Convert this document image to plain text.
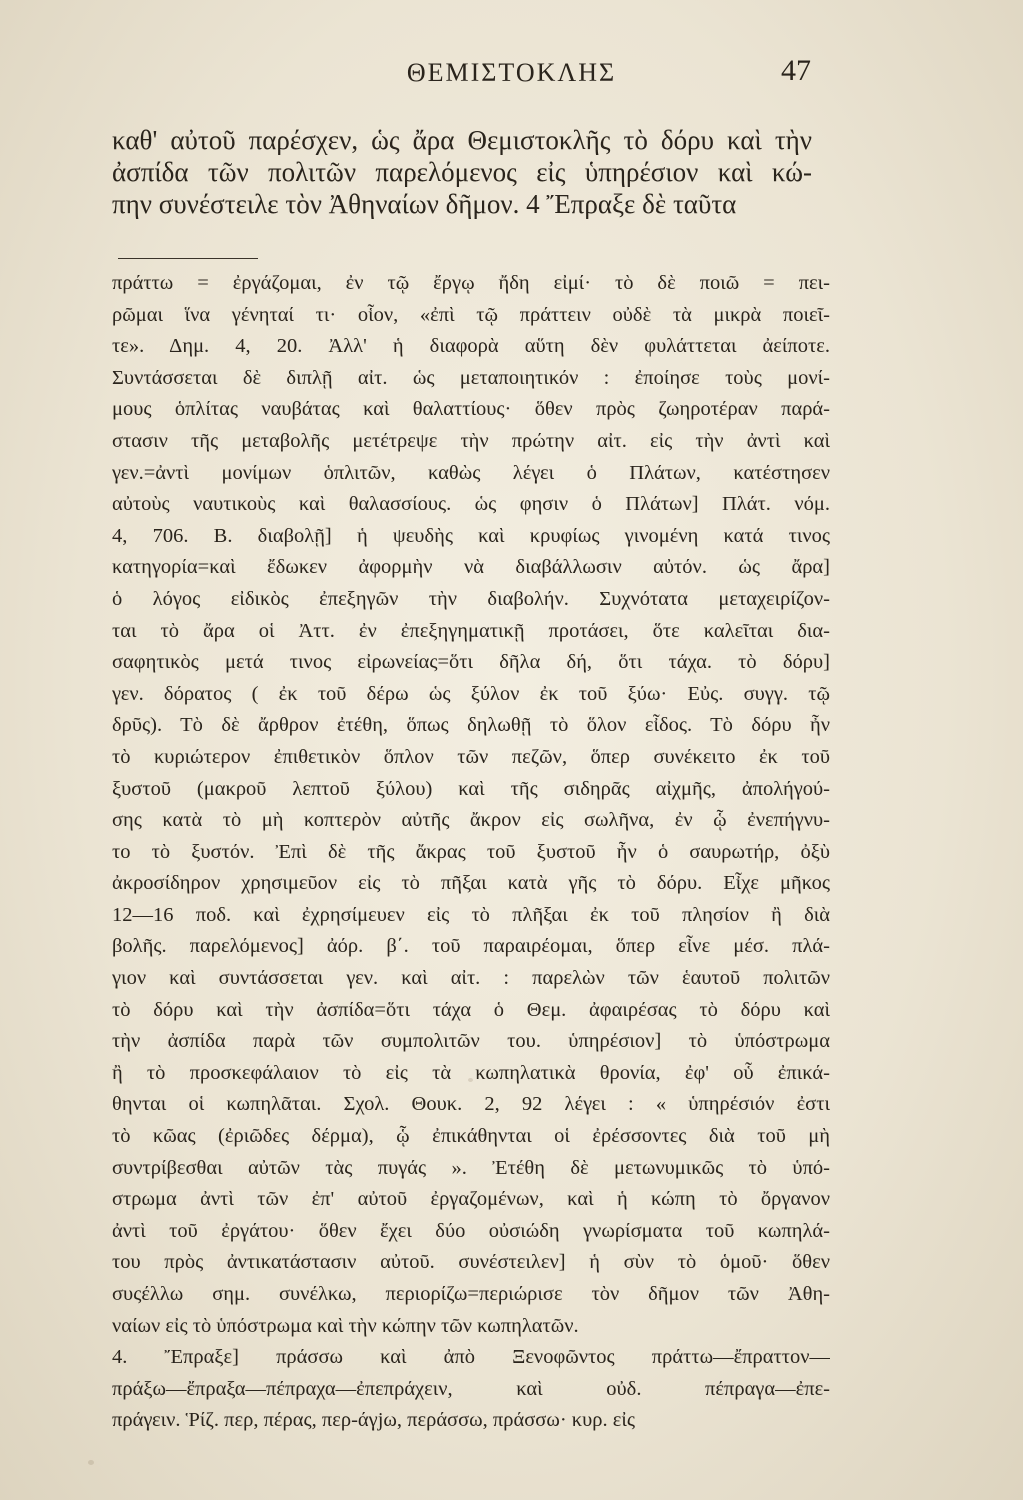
ΘΕΜΙΣΤΟΚΛΗΣ	47
καθ' αὐτοῦ παρέσχεν, ὡς ἄρα Θεμιστοκλῆς τὸ δόρυ καὶ τὴν
ἀσπίδα τῶν πολιτῶν παρελόμενος εἰς ὑπηρέσιον καὶ κώ-
πην συνέστειλε τὸν Ἀθηναίων δῆμον. 4 Ἔπραξε δὲ ταῦτα
πράττω = ἐργάζομαι, ἐν τῷ ἔργῳ ἤδη εἰμί· τὸ δὲ ποιῶ = πει-
ρῶμαι ἵνα γένηταί τι· οἷον, «ἐπὶ τῷ πράττειν οὐδὲ τὰ μικρὰ ποιεῖ-
τε». Δημ. 4, 20. Ἀλλ' ἡ διαφορὰ αὕτη δὲν φυλάττεται ἀείποτε.
Συντάσσεται δὲ διπλῇ αἰτ. ὡς μεταποιητικόν : ἐποίησε τοὺς μονί-
μους ὁπλίτας ναυβάτας καὶ θαλαττίους· ὅθεν πρὸς ζωηροτέραν παρά-
στασιν τῆς μεταβολῆς μετέτρεψε τὴν πρώτην αἰτ. εἰς τὴν ἀντὶ καὶ
γεν.=ἀντὶ μονίμων ὁπλιτῶν, καθὼς λέγει ὁ Πλάτων, κατέστησεν
αὐτοὺς ναυτικοὺς καὶ θαλασσίους. ὡς φησιν ὁ Πλάτων] Πλάτ. νόμ.
4, 706. Β. διαβολῇ] ἡ ψευδὴς καὶ κρυφίως γινομένη κατά τινος
κατηγορία=καὶ ἔδωκεν ἀφορμὴν νὰ διαβάλλωσιν αὐτόν. ὡς ἄρα]
ὁ λόγος εἰδικὸς ἐπεξηγῶν τὴν διαβολήν. Συχνότατα μεταχειρίζον-
ται τὸ ἄρα οἱ Ἀττ. ἐν ἐπεξηγηματικῇ προτάσει, ὅτε καλεῖται δια-
σαφητικὸς μετά τινος εἰρωνείας=ὅτι δῆλα δή, ὅτι τάχα. τὸ δόρυ]
γεν. δόρατος ( ἐκ τοῦ δέρω ὡς ξύλον ἐκ τοῦ ξύω· Εὐς. συγγ. τῷ
δρῦς). Τὸ δὲ ἄρθρον ἐτέθη, ὅπως δηλωθῇ τὸ ὅλον εἶδος. Τὸ δόρυ ἦν
τὸ κυριώτερον ἐπιθετικὸν ὅπλον τῶν πεζῶν, ὅπερ συνέκειτο ἐκ τοῦ
ξυστοῦ (μακροῦ λεπτοῦ ξύλου) καὶ τῆς σιδηρᾶς αἰχμῆς, ἀπολήγού-
σης κατὰ τὸ μὴ κοπτερὸν αὐτῆς ἄκρον εἰς σωλῆνα, ἐν ᾧ ἐνεπήγνυ-
το τὸ ξυστόν. Ἐπὶ δὲ τῆς ἄκρας τοῦ ξυστοῦ ἦν ὁ σαυρωτήρ, ὀξὺ
ἀκροσίδηρον χρησιμεῦον εἰς τὸ πῆξαι κατὰ γῆς τὸ δόρυ. Εἶχε μῆκος
12—16 ποδ. καὶ ἐχρησίμευεν εἰς τὸ πλῆξαι ἐκ τοῦ πλησίον ἢ διὰ
βολῆς. παρελόμενος] ἀόρ. β΄. τοῦ παραιρέομαι, ὅπερ εἶνε μέσ. πλά-
γιον καὶ συντάσσεται γεν. καὶ αἰτ. : παρελὼν τῶν ἑαυτοῦ πολιτῶν
τὸ δόρυ καὶ τὴν ἀσπίδα=ὅτι τάχα ὁ Θεμ. ἀφαιρέσας τὸ δόρυ καὶ
τὴν ἀσπίδα παρὰ τῶν συμπολιτῶν του. ὑπηρέσιον] τὸ ὑπόστρωμα
ἢ τὸ προσκεφάλαιον τὸ εἰς τὰ κωπηλατικὰ θρονία, ἐφ' οὗ ἐπικά-
θηνται οἱ κωπηλᾶται. Σχολ. Θουκ. 2, 92 λέγει : « ὑπηρέσιόν ἐστι
τὸ κῶας (ἐριῶδες δέρμα), ᾧ ἐπικάθηνται οἱ ἐρέσσοντες διὰ τοῦ μὴ
συντρίβεσθαι αὐτῶν τὰς πυγάς ». Ἐτέθη δὲ μετωνυμικῶς τὸ ὑπό-
στρωμα ἀντὶ τῶν ἐπ' αὐτοῦ ἐργαζομένων, καὶ ἡ κώπη τὸ ὄργανον
ἀντὶ τοῦ ἐργάτου· ὅθεν ἔχει δύο οὐσιώδη γνωρίσματα τοῦ κωπηλά-
του πρὸς ἀντικατάστασιν αὐτοῦ. συνέστειλεν] ἡ σὺν τὸ ὁμοῦ· ὅθεν
συςέλλω σημ. συνέλκω, περιορίζω=περιώρισε τὸν δῆμον τῶν Ἀθη-
ναίων εἰς τὸ ὑπόστρωμα καὶ τὴν κώπην τῶν κωπηλατῶν.
4. Ἔπραξε] πράσσω καὶ ἀπὸ Ξενοφῶντος πράττω—ἔπραττον—
πράξω—ἔπραξα—πέπραχα—ἐπεπράχειν, καὶ οὐδ. πέπραγα—ἐπε-
πράγειν. Ῥίζ. περ, πέρας, περ-άγjω, περάσσω, πράσσω· κυρ. εἰς
